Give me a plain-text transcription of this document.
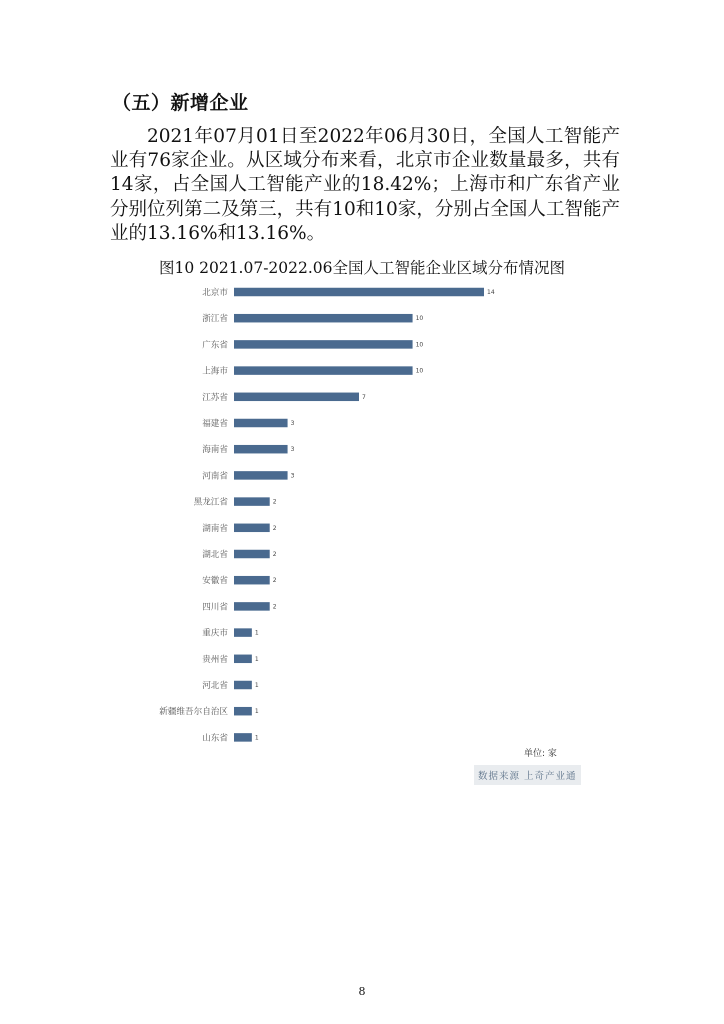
（五）新增企业
2021年07月01日至2022年06月30日，全国人工智能产业有76家企业。从区域分布来看，北京市企业数量最多，共有14家，占全国人工智能产业的18.42%；上海市和广东省产业分别位列第二及第三，共有10和10家，分别占全国人工智能产业的13.16%和13.16%。
图10 2021.07-2022.06全国人工智能企业区域分布情况图
北京市	14
浙江省	10
广东省	10
上海市	10
江苏省	7
福建省	3
海南省	3
河南省	3
黑龙江省	2
湖南省	2
湖北省	2
安徽省	2
四川省	2
重庆市	1
贵州省	1
河北省	1
新疆维吾尔自治区	1
山东省	1
单位: 家
数据来源 上奇产业通
8
